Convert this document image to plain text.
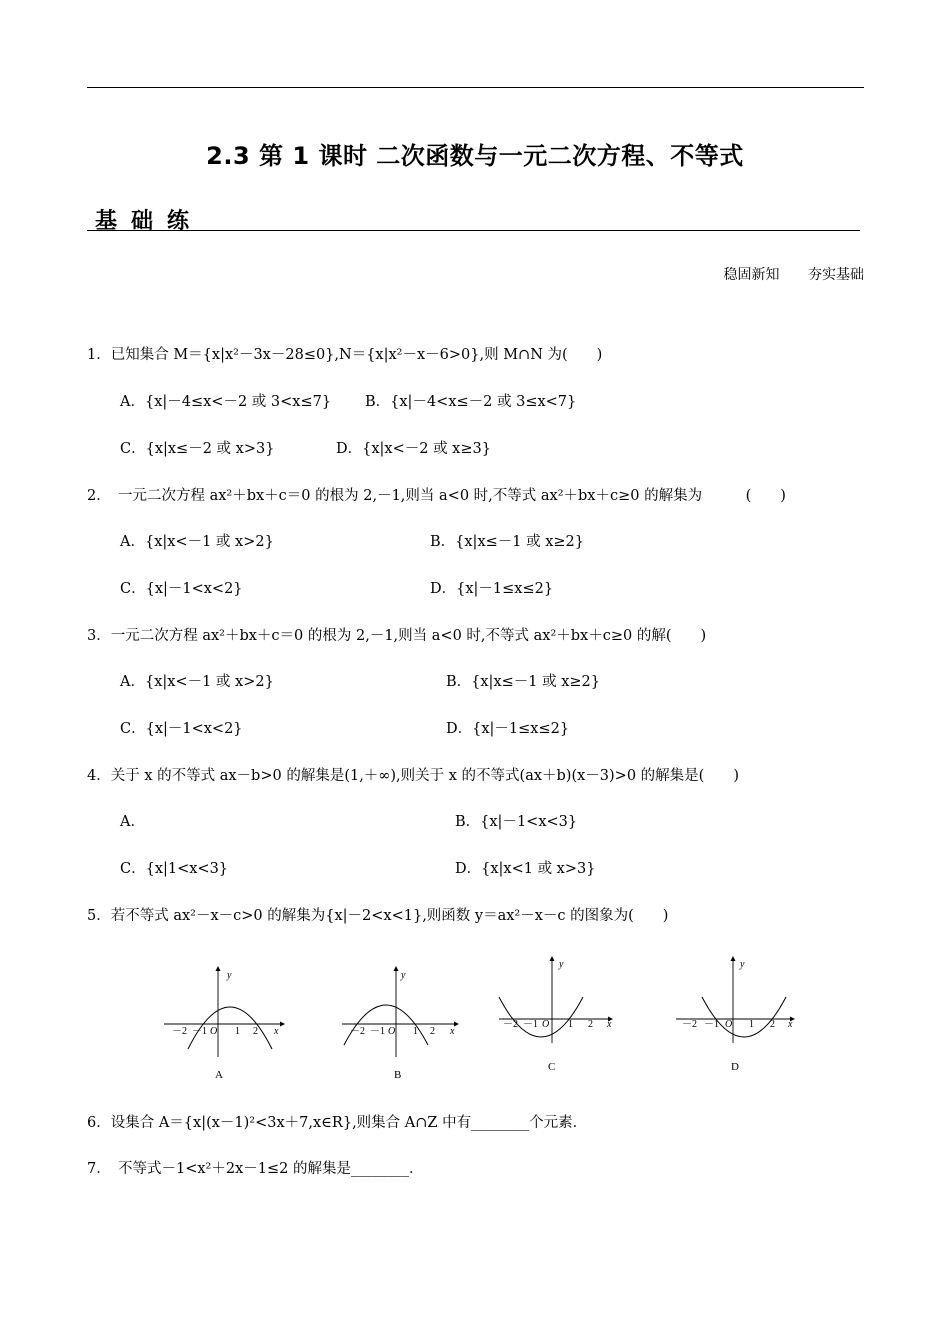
2.3 第 1 课时 二次函数与一元二次方程、不等式
基础练
稳固新知 夯实基础
1．已知集合 M＝{x|x²－3x－28≤0},N＝{x|x²－x－6>0},则 M∩N 为(　　)
A．{x|－4≤x<－2 或 3<x≤7} B．{x|－4<x≤－2 或 3≤x<7}
C．{x|x≤－2 或 x>3}	D．{x|x<－2 或 x≥3}
2．　一元二次方程 ax²＋bx＋c＝0 的根为 2,－1,则当 a<0 时,不等式 ax²＋bx＋c≥0 的解集为　　　(　　)
A．{x|x<－1 或 x>2}	B．{x|x≤－1 或 x≥2}
C．{x|－1<x<2}	D．{x|－1≤x≤2}
3．一元二次方程 ax²＋bx＋c＝0 的根为 2,－1,则当 a<0 时,不等式 ax²＋bx＋c≥0 的解(　　)
A．{x|x<－1 或 x>2}	B．{x|x≤－1 或 x≥2}
C．{x|－1<x<2}	D．{x|－1≤x≤2}
4．关于 x 的不等式 ax－b>0 的解集是(1,＋∞),则关于 x 的不等式(ax＋b)(x－3)>0 的解集是(　　)
A．	B．{x|－1<x<3}
C．{x|1<x<3}	D．{x|x<1 或 x>3}
5．若不等式 ax²－x－c>0 的解集为{x|－2<x<1},则函数 y＝ax²－x－c 的图象为(　　)
y
x
O
－2 －1	1 2
A
y
x
O
－2 －1	1 2
B
y
x
O
－2 －1	1 2
C
y
x
O
－2 －1	1 2
D
6．设集合 A＝{x|(x－1)²<3x＋7,x∈R},则集合 A∩Z 中有________个元素．
7．　不等式－1<x²＋2x－1≤2 的解集是________．
